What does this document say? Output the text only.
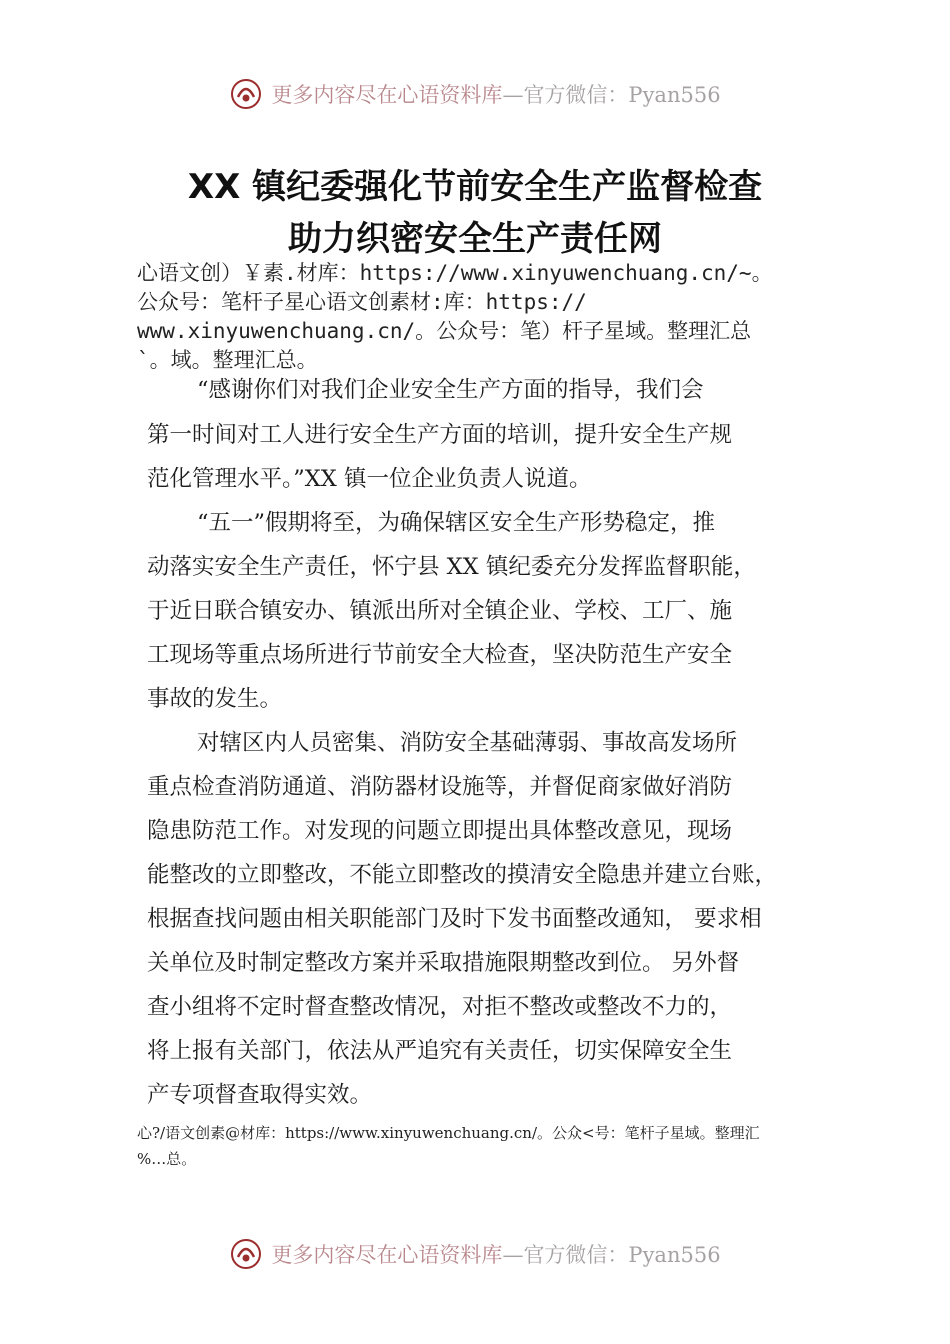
更多内容尽在心语资料库 —官方微信：Pyan556
XX 镇纪委强化节前安全生产监督检查
助力织密安全生产责任网
心语文创）￥素.材库：https://www.xinyuwenchuang.cn/~。
公众号：笔杆子星心语文创素材:库：https://
www.xinyuwenchuang.cn/。公众号：笔）杆子星域。整理汇总
`。域。整理汇总。
“感谢你们对我们企业安全生产方面的指导，我们会
第一时间对工人进行安全生产方面的培训，提升安全生产规
范化管理水平。”XX 镇一位企业负责人说道。
“五一”假期将至，为确保辖区安全生产形势稳定，推
动落实安全生产责任，怀宁县 XX 镇纪委充分发挥监督职能，
于近日联合镇安办、镇派出所对全镇企业、学校、工厂、施
工现场等重点场所进行节前安全大检查，坚决防范生产安全
事故的发生。
对辖区内人员密集、消防安全基础薄弱、事故高发场所
重点检查消防通道、消防器材设施等，并督促商家做好消防
隐患防范工作。对发现的问题立即提出具体整改意见，现场
能整改的立即整改，不能立即整改的摸清安全隐患并建立台账，
根据查找问题由相关职能部门及时下发书面整改通知， 要求相
关单位及时制定整改方案并采取措施限期整改到位。 另外督
查小组将不定时督查整改情况，对拒不整改或整改不力的，
将上报有关部门，依法从严追究有关责任，切实保障安全生
产专项督查取得实效。
心?/语文创素@材库：https://www.xinyuwenchuang.cn/。公众<号：笔杆子星域。整理汇
%…总。
更多内容尽在心语资料库 —官方微信：Pyan556
